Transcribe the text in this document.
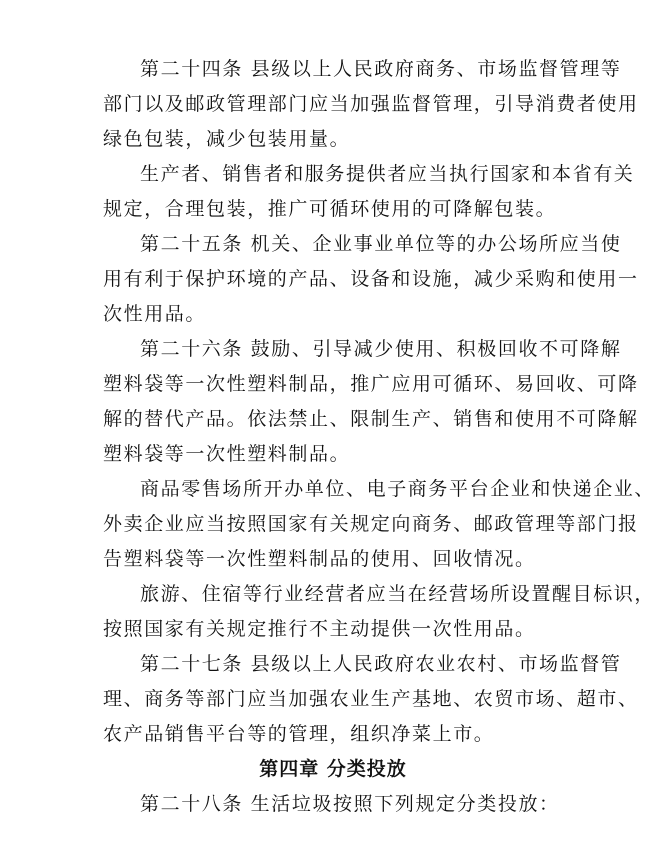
第二十四条 县级以上人民政府商务、市场监督管理等
部门以及邮政管理部门应当加强监督管理，引导消费者使用
绿色包装，减少包装用量。
生产者、销售者和服务提供者应当执行国家和本省有关
规定，合理包装，推广可循环使用的可降解包装。
第二十五条 机关、企业事业单位等的办公场所应当使
用有利于保护环境的产品、设备和设施，减少采购和使用一
次性用品。
第二十六条 鼓励、引导减少使用、积极回收不可降解
塑料袋等一次性塑料制品，推广应用可循环、易回收、可降
解的替代产品。依法禁止、限制生产、销售和使用不可降解
塑料袋等一次性塑料制品。
商品零售场所开办单位、电子商务平台企业和快递企业、
外卖企业应当按照国家有关规定向商务、邮政管理等部门报
告塑料袋等一次性塑料制品的使用、回收情况。
旅游、住宿等行业经营者应当在经营场所设置醒目标识，
按照国家有关规定推行不主动提供一次性用品。
第二十七条 县级以上人民政府农业农村、市场监督管
理、商务等部门应当加强农业生产基地、农贸市场、超市、
农产品销售平台等的管理，组织净菜上市。
第四章 分类投放
第二十八条 生活垃圾按照下列规定分类投放：
